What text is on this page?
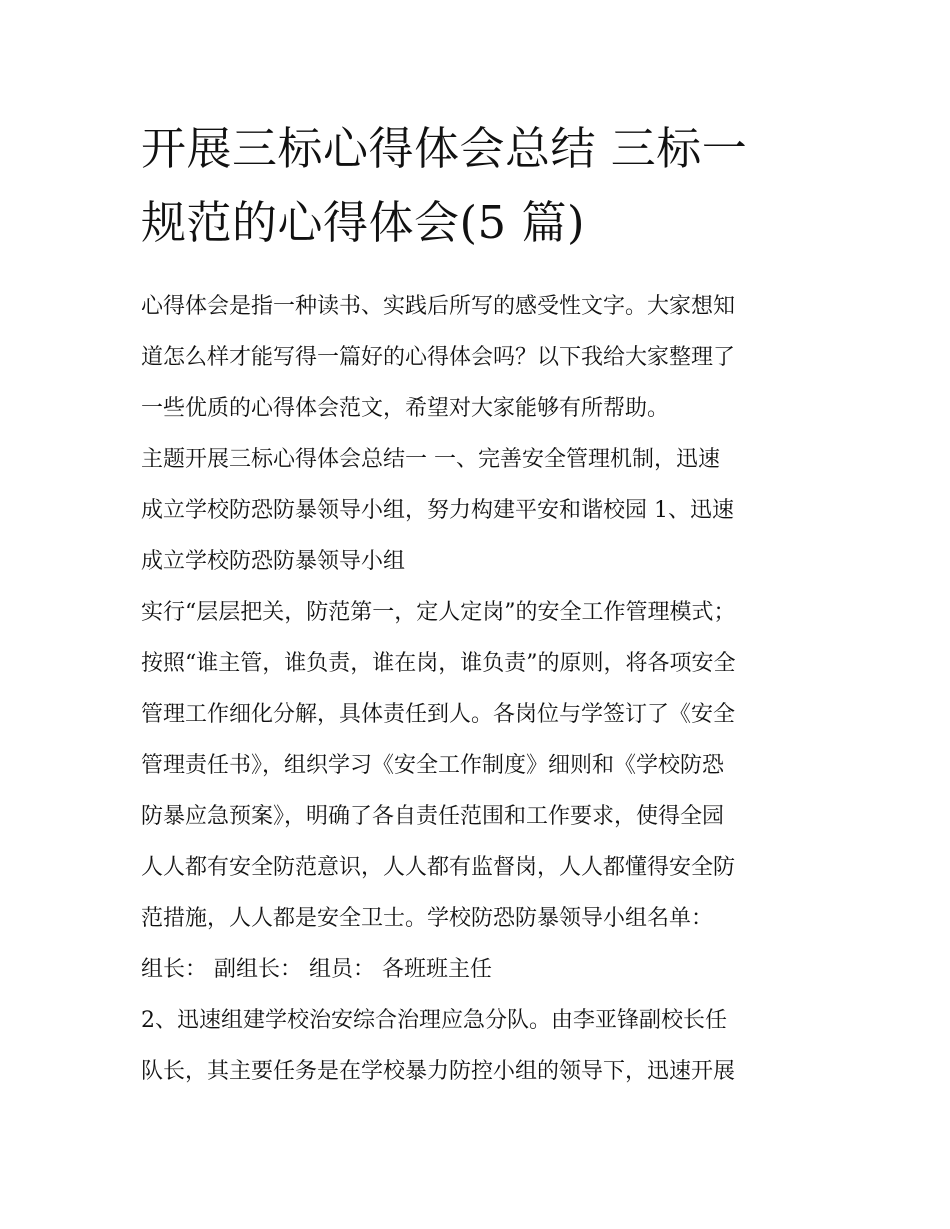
开展三标心得体会总结 三标一
规范的心得体会(5 篇)
心得体会是指一种读书、实践后所写的感受性文字。大家想知
道怎么样才能写得一篇好的心得体会吗？以下我给大家整理了
一些优质的心得体会范文，希望对大家能够有所帮助。
主题开展三标心得体会总结一 一、完善安全管理机制，迅速
成立学校防恐防暴领导小组，努力构建平安和谐校园 1、迅速
成立学校防恐防暴领导小组
实行“层层把关，防范第一，定人定岗”的安全工作管理模式；
按照“谁主管，谁负责，谁在岗，谁负责”的原则，将各项安全
管理工作细化分解，具体责任到人。各岗位与学签订了《安全
管理责任书》，组织学习《安全工作制度》细则和《学校防恐
防暴应急预案》，明确了各自责任范围和工作要求，使得全园
人人都有安全防范意识，人人都有监督岗，人人都懂得安全防
范措施，人人都是安全卫士。学校防恐防暴领导小组名单：
组长： 副组长： 组员： 各班班主任
2、迅速组建学校治安综合治理应急分队。由李亚锋副校长任
队长，其主要任务是在学校暴力防控小组的领导下，迅速开展
